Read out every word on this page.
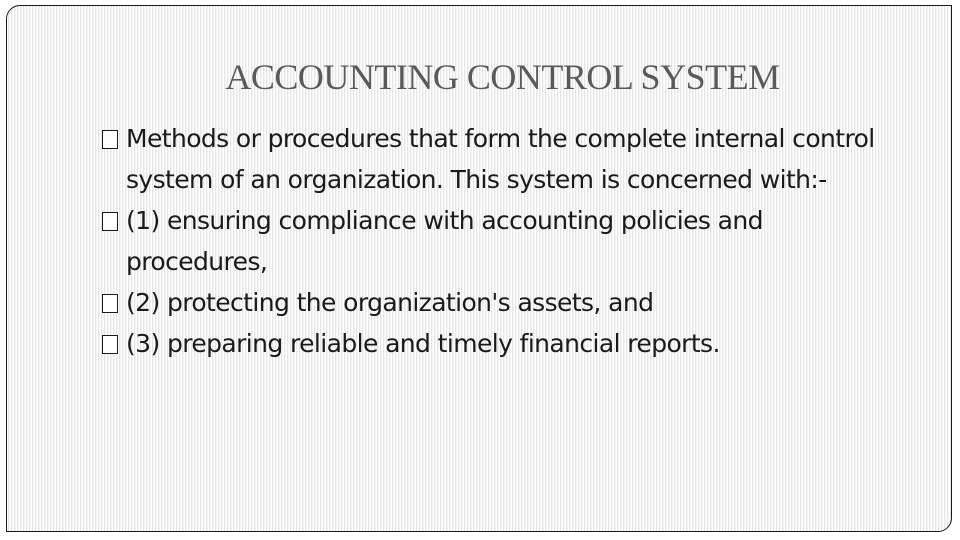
ACCOUNTING CONTROL SYSTEM
Methods or procedures that form the complete internal control system of an organization. This system is concerned with:-
(1) ensuring compliance with accounting policies and procedures,
(2) protecting the organization's assets, and
(3) preparing reliable and timely financial reports.
